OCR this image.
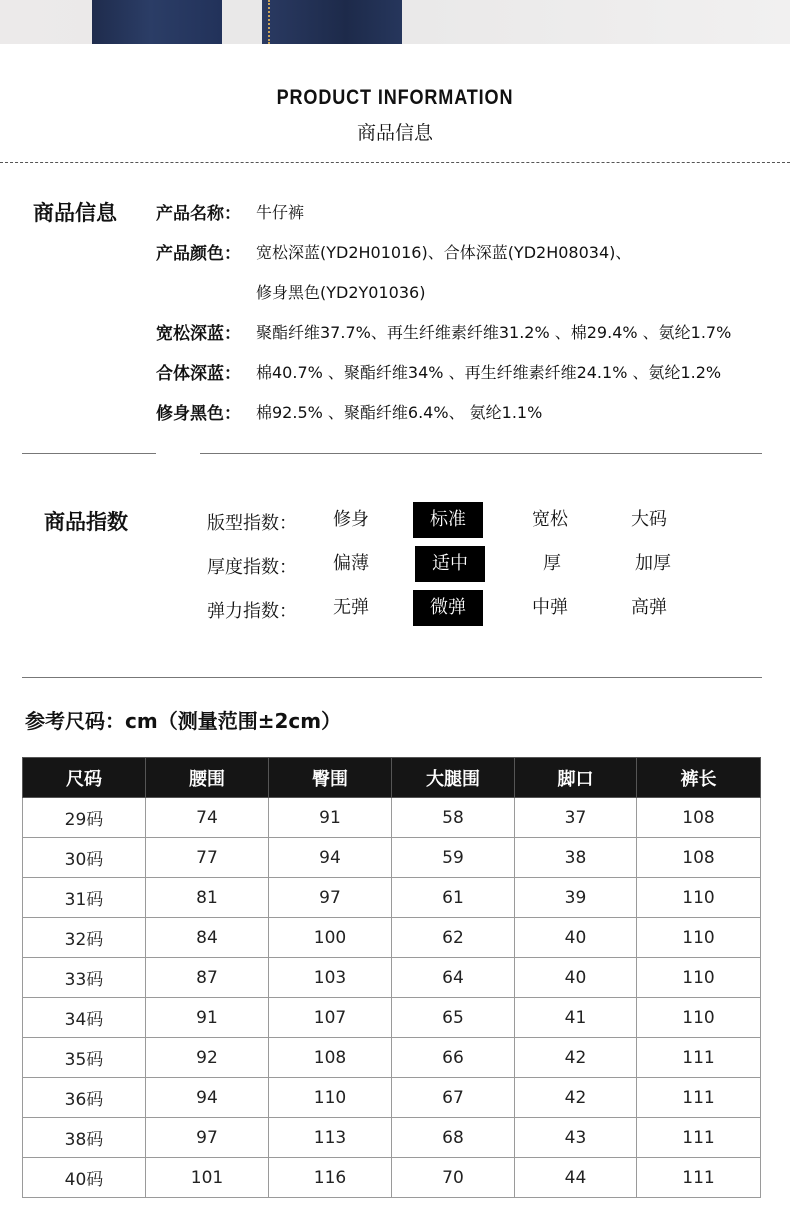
PRODUCT INFORMATION
商品信息
商品信息 产品名称： 牛仔裤
产品颜色： 宽松深蓝(YD2H01016)、合体深蓝(YD2H08034)、
修身黑色(YD2Y01036)
宽松深蓝： 聚酯纤维37.7%、再生纤维素纤维31.2% 、棉29.4% 、氨纶1.7%
合体深蓝： 棉40.7% 、聚酯纤维34% 、再生纤维素纤维24.1% 、氨纶1.2%
修身黑色： 棉92.5% 、聚酯纤维6.4%、 氨纶1.1%
商品指数	版型指数：	修身	标准	宽松	大码
厚度指数：	偏薄	适中	厚	加厚
弹力指数：	无弹	微弹	中弹	高弹
参考尺码：cm（测量范围±2cm）
尺码	腰围	臀围	大腿围	脚口	裤长
29码	74	91	58	37	108
30码	77	94	59	38	108
31码	81	97	61	39	110
32码	84	100	62	40	110
33码	87	103	64	40	110
34码	91	107	65	41	110
35码	92	108	66	42	111
36码	94	110	67	42	111
38码	97	113	68	43	111
40码	101	116	70	44	111
